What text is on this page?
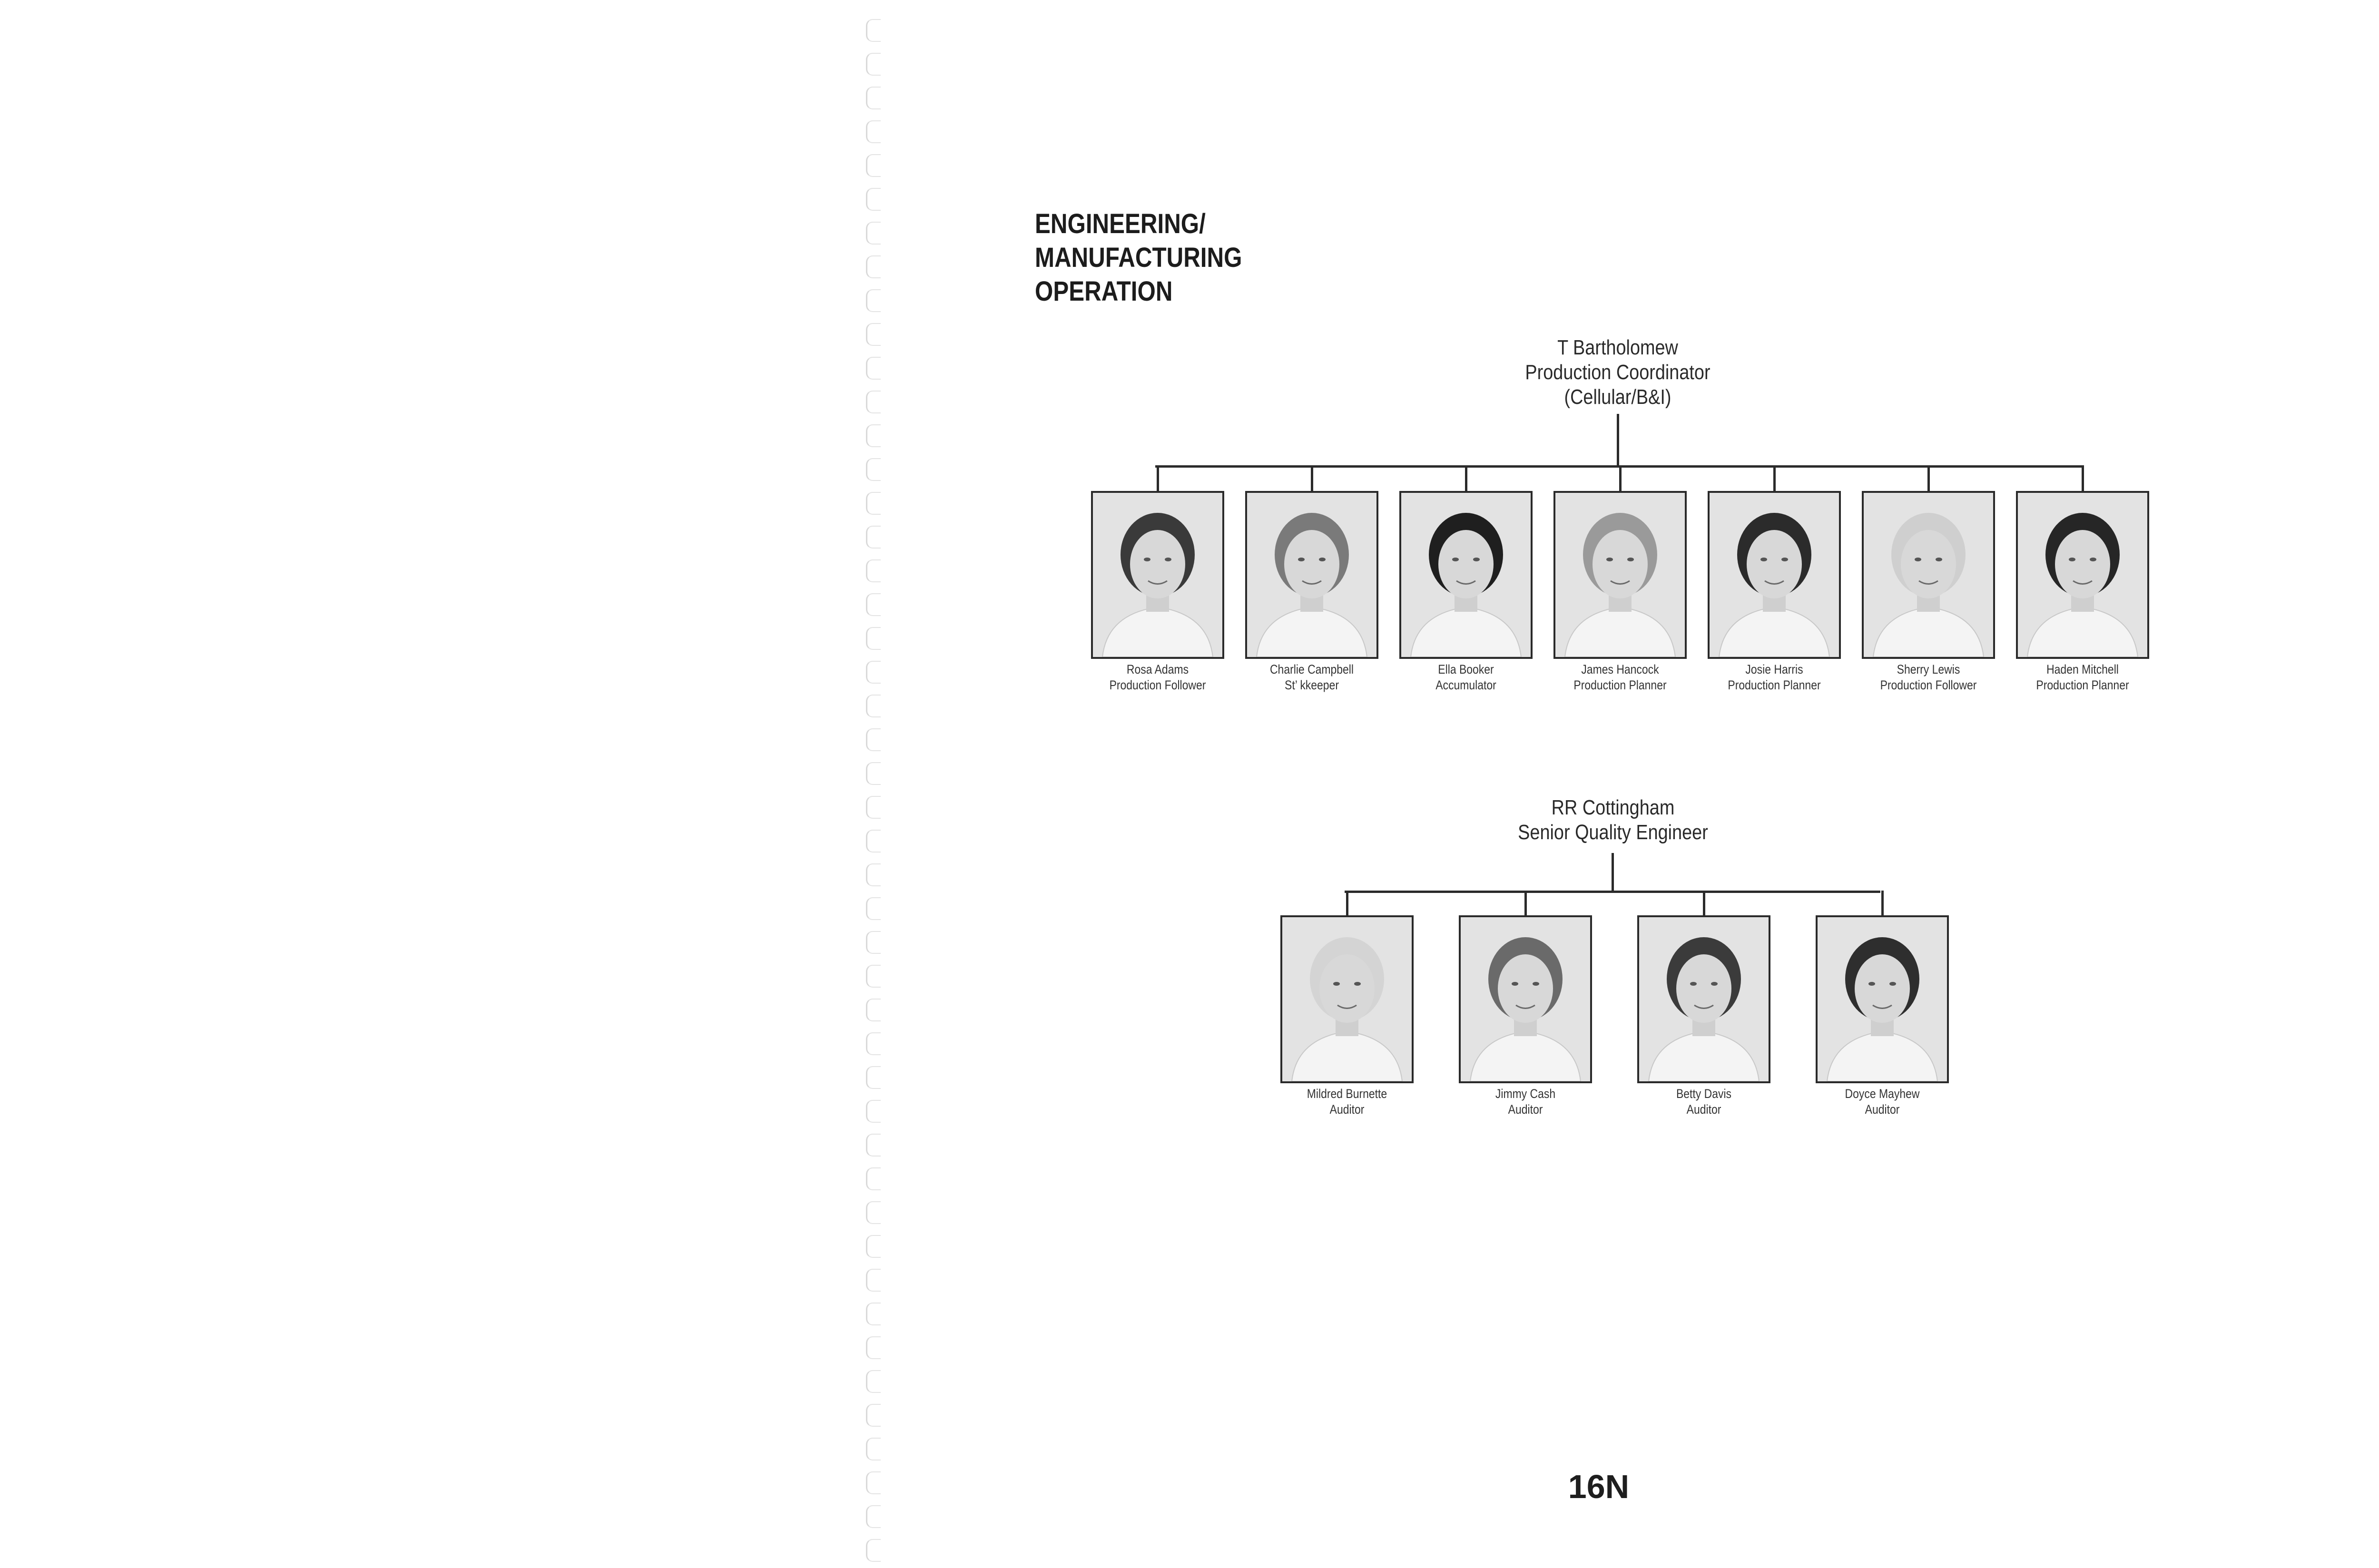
ENGINEERING/
MANUFACTURING
OPERATION
T Bartholomew
Production Coordinator
(Cellular/B&I)
Rosa Adams
Production Follower
Charlie Campbell
St’ kkeeper
Ella Booker
Accumulator
James Hancock
Production Planner
Josie Harris
Production Planner
Sherry Lewis
Production Follower
Haden Mitchell
Production Planner
RR Cottingham
Senior Quality Engineer
Mildred Burnette
Auditor
Jimmy Cash
Auditor
Betty Davis
Auditor
Doyce Mayhew
Auditor
16N
